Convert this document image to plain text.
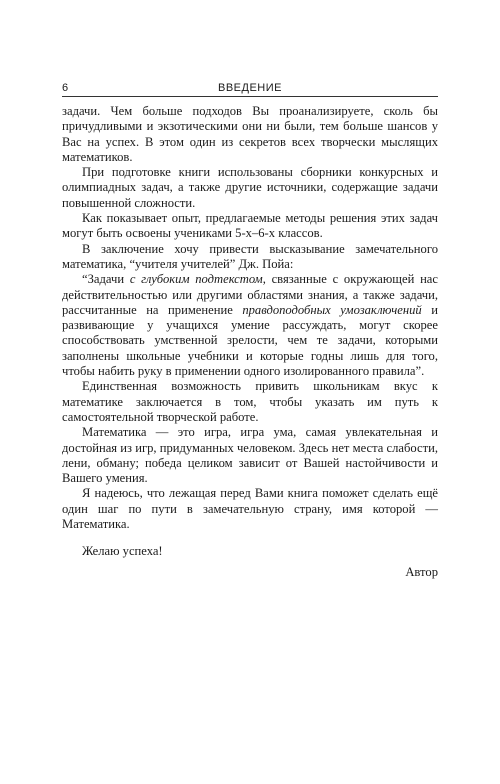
6	ВВЕДЕНИЕ

задачи. Чем больше подходов Вы проанализируете, сколь бы причудливыми и экзотическими они ни были, тем больше шансов у Вас на успех. В этом один из секретов всех творчески мыслящих математиков.

При подготовке книги использованы сборники конкурсных и олимпиадных задач, а также другие источники, содержащие задачи повышенной сложности.

Как показывает опыт, предлагаемые методы решения этих задач могут быть освоены учениками 5-х–6-х классов.

В заключение хочу привести высказывание замечательного математика, “учителя учителей” Дж. Пойа:

“Задачи с глубоким подтекстом, связанные с окружающей нас действительностью или другими областями знания, а также задачи, рассчитанные на применение правдоподобных умозаключений и развивающие у учащихся умение рассуждать, могут скорее способствовать умственной зрелости, чем те задачи, которыми заполнены школьные учебники и которые годны лишь для того, чтобы набить руку в применении одного изолированного правила”.

Единственная возможность привить школьникам вкус к математике заключается в том, чтобы указать им путь к самостоятельной творческой работе.

Математика — это игра, игра ума, самая увлекательная и достойная из игр, придуманных человеком. Здесь нет места слабости, лени, обману; победа целиком зависит от Вашей настойчивости и Вашего умения.

Я надеюсь, что лежащая перед Вами книга поможет сделать ещё один шаг по пути в замечательную страну, имя которой — Математика.

Желаю успеха!

Автор
